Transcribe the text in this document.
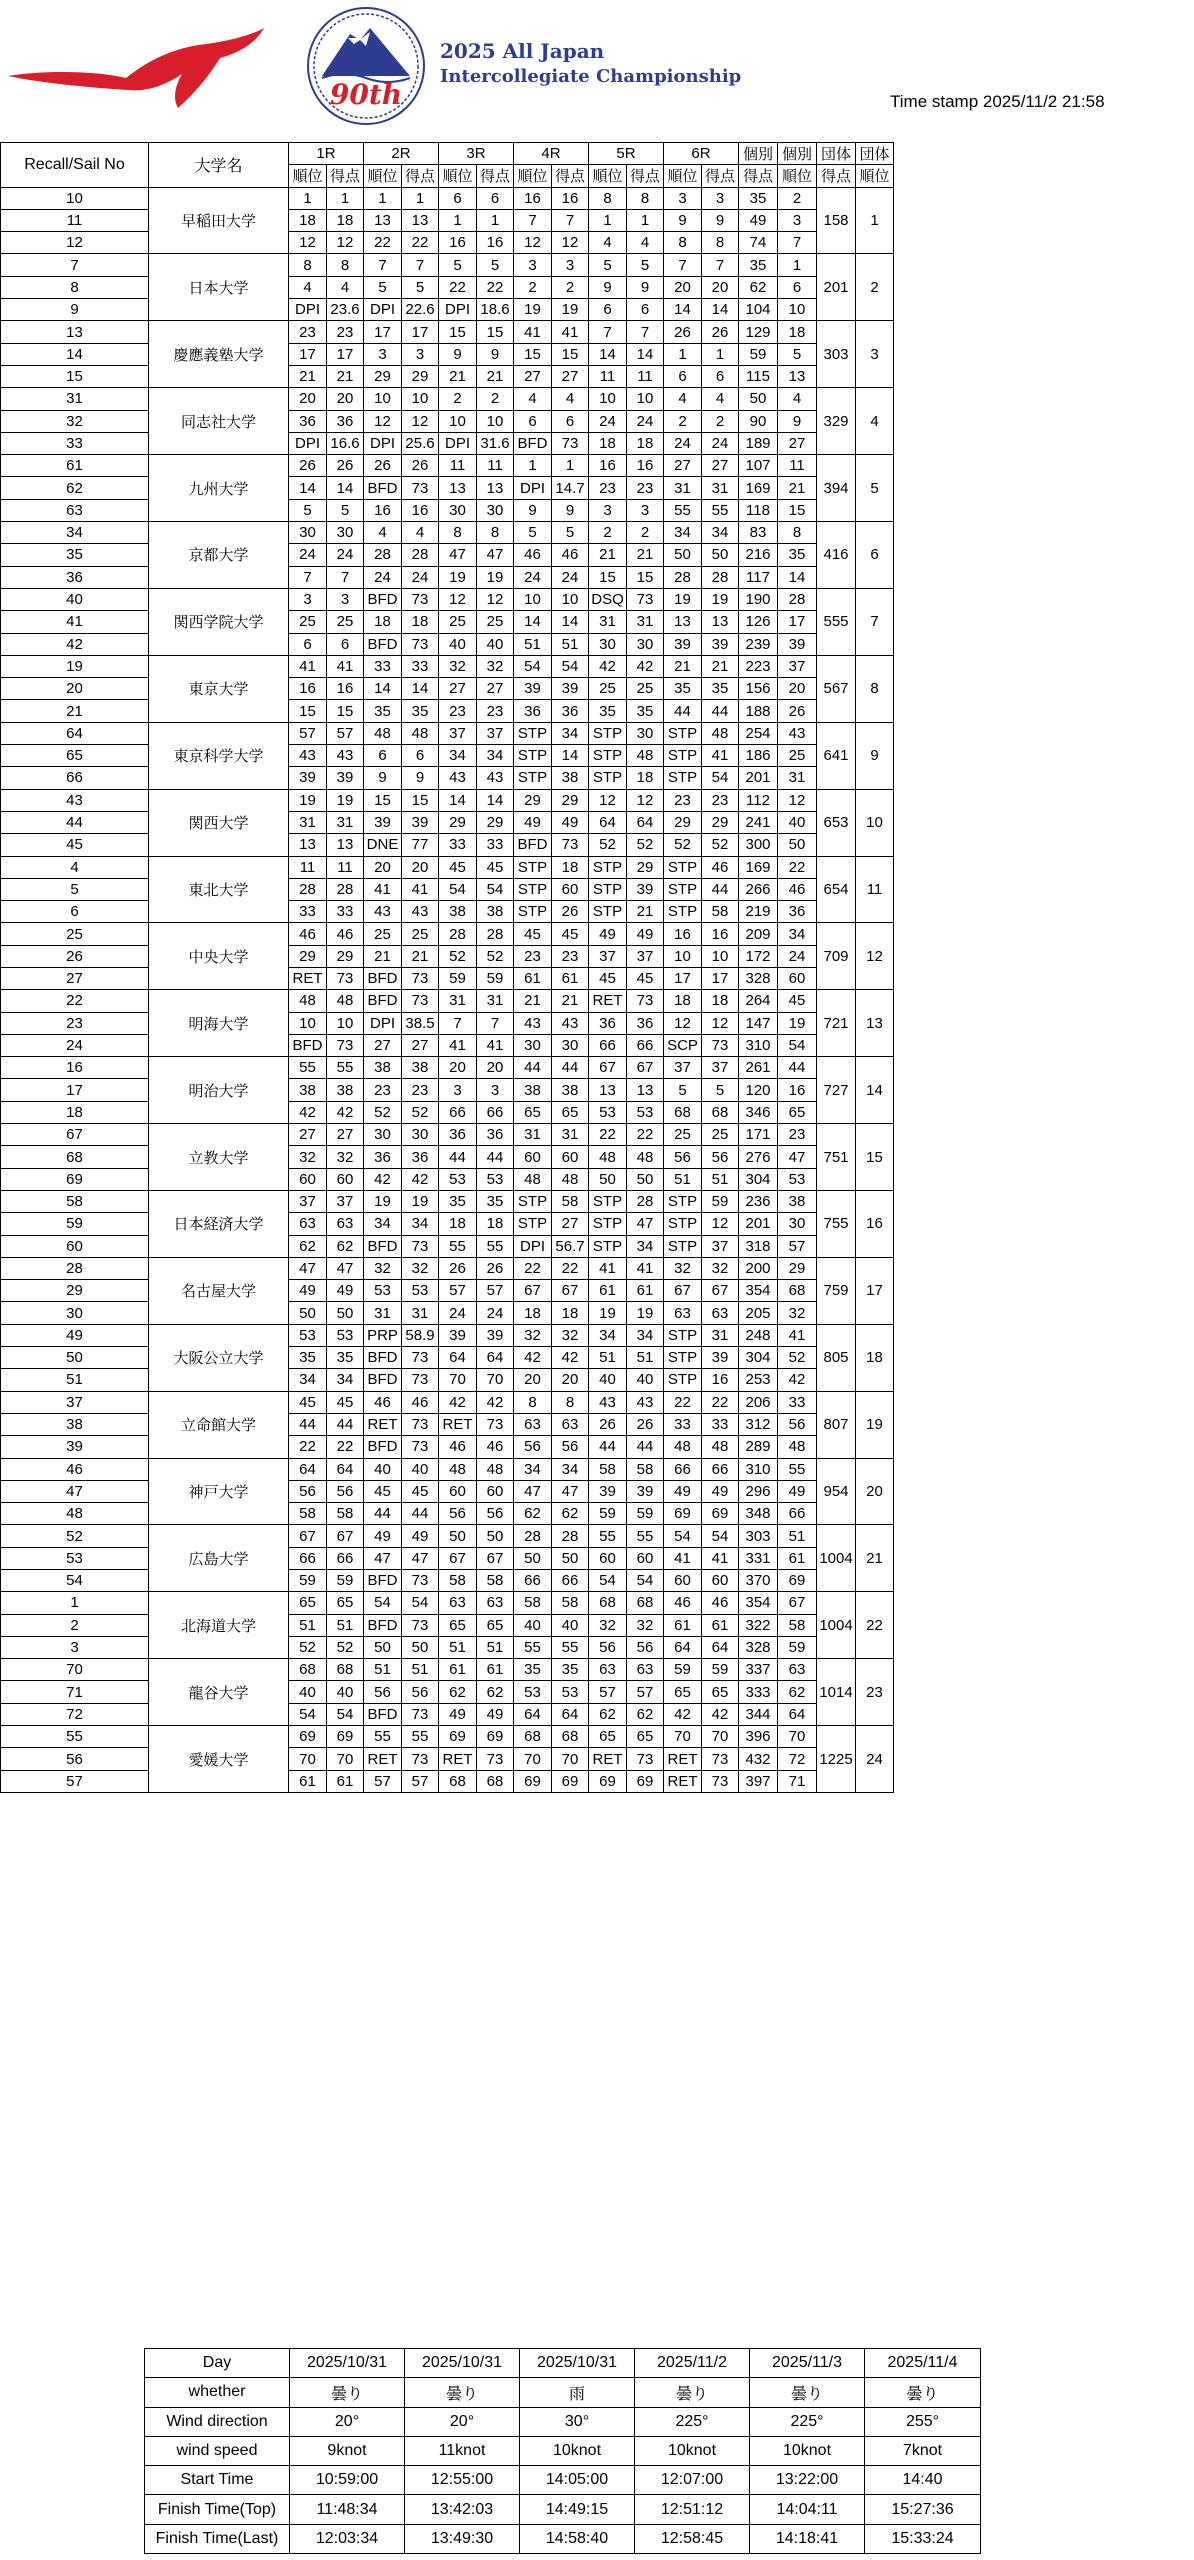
90th
2025 All Japan
Intercollegiate Championship
Time stamp 2025/11/2 21:58
Recall/Sail No	大学名	1R		2R		3R		4R		5R		6R		個別	個別	団体	団体
		順位	得点	順位	得点	順位	得点	順位	得点	順位	得点	順位	得点	得点	順位	得点	順位
10	早稲田大学	1	1	1	1	6	6	16	16	8	8	3	3	35	2	158	1
11		18	18	13	13	1	1	7	7	1	1	9	9	49	3		
12		12	12	22	22	16	16	12	12	4	4	8	8	74	7		
7	日本大学	8	8	7	7	5	5	3	3	5	5	7	7	35	1	201	2
8		4	4	5	5	22	22	2	2	9	9	20	20	62	6		
9		DPI	23.6	DPI	22.6	DPI	18.6	19	19	6	6	14	14	104	10		
13	慶應義塾大学	23	23	17	17	15	15	41	41	7	7	26	26	129	18	303	3
14		17	17	3	3	9	9	15	15	14	14	1	1	59	5		
15		21	21	29	29	21	21	27	27	11	11	6	6	115	13		
31	同志社大学	20	20	10	10	2	2	4	4	10	10	4	4	50	4	329	4
32		36	36	12	12	10	10	6	6	24	24	2	2	90	9		
33		DPI	16.6	DPI	25.6	DPI	31.6	BFD	73	18	18	24	24	189	27		
61	九州大学	26	26	26	26	11	11	1	1	16	16	27	27	107	11	394	5
62		14	14	BFD	73	13	13	DPI	14.7	23	23	31	31	169	21		
63		5	5	16	16	30	30	9	9	3	3	55	55	118	15		
34	京都大学	30	30	4	4	8	8	5	5	2	2	34	34	83	8	416	6
35		24	24	28	28	47	47	46	46	21	21	50	50	216	35		
36		7	7	24	24	19	19	24	24	15	15	28	28	117	14		
40	関西学院大学	3	3	BFD	73	12	12	10	10	DSQ	73	19	19	190	28	555	7
41		25	25	18	18	25	25	14	14	31	31	13	13	126	17		
42		6	6	BFD	73	40	40	51	51	30	30	39	39	239	39		
19	東京大学	41	41	33	33	32	32	54	54	42	42	21	21	223	37	567	8
20		16	16	14	14	27	27	39	39	25	25	35	35	156	20		
21		15	15	35	35	23	23	36	36	35	35	44	44	188	26		
64	東京科学大学	57	57	48	48	37	37	STP	34	STP	30	STP	48	254	43	641	9
65		43	43	6	6	34	34	STP	14	STP	48	STP	41	186	25		
66		39	39	9	9	43	43	STP	38	STP	18	STP	54	201	31		
43	関西大学	19	19	15	15	14	14	29	29	12	12	23	23	112	12	653	10
44		31	31	39	39	29	29	49	49	64	64	29	29	241	40		
45		13	13	DNE	77	33	33	BFD	73	52	52	52	52	300	50		
4	東北大学	11	11	20	20	45	45	STP	18	STP	29	STP	46	169	22	654	11
5		28	28	41	41	54	54	STP	60	STP	39	STP	44	266	46		
6		33	33	43	43	38	38	STP	26	STP	21	STP	58	219	36		
25	中央大学	46	46	25	25	28	28	45	45	49	49	16	16	209	34	709	12
26		29	29	21	21	52	52	23	23	37	37	10	10	172	24		
27		RET	73	BFD	73	59	59	61	61	45	45	17	17	328	60		
22	明海大学	48	48	BFD	73	31	31	21	21	RET	73	18	18	264	45	721	13
23		10	10	DPI	38.5	7	7	43	43	36	36	12	12	147	19		
24		BFD	73	27	27	41	41	30	30	66	66	SCP	73	310	54		
16	明治大学	55	55	38	38	20	20	44	44	67	67	37	37	261	44	727	14
17		38	38	23	23	3	3	38	38	13	13	5	5	120	16		
18		42	42	52	52	66	66	65	65	53	53	68	68	346	65		
67	立教大学	27	27	30	30	36	36	31	31	22	22	25	25	171	23	751	15
68		32	32	36	36	44	44	60	60	48	48	56	56	276	47		
69		60	60	42	42	53	53	48	48	50	50	51	51	304	53		
58	日本経済大学	37	37	19	19	35	35	STP	58	STP	28	STP	59	236	38	755	16
59		63	63	34	34	18	18	STP	27	STP	47	STP	12	201	30		
60		62	62	BFD	73	55	55	DPI	56.7	STP	34	STP	37	318	57		
28	名古屋大学	47	47	32	32	26	26	22	22	41	41	32	32	200	29	759	17
29		49	49	53	53	57	57	67	67	61	61	67	67	354	68		
30		50	50	31	31	24	24	18	18	19	19	63	63	205	32		
49	大阪公立大学	53	53	PRP	58.9	39	39	32	32	34	34	STP	31	248	41	805	18
50		35	35	BFD	73	64	64	42	42	51	51	STP	39	304	52		
51		34	34	BFD	73	70	70	20	20	40	40	STP	16	253	42		
37	立命館大学	45	45	46	46	42	42	8	8	43	43	22	22	206	33	807	19
38		44	44	RET	73	RET	73	63	63	26	26	33	33	312	56		
39		22	22	BFD	73	46	46	56	56	44	44	48	48	289	48		
46	神戸大学	64	64	40	40	48	48	34	34	58	58	66	66	310	55	954	20
47		56	56	45	45	60	60	47	47	39	39	49	49	296	49		
48		58	58	44	44	56	56	62	62	59	59	69	69	348	66		
52	広島大学	67	67	49	49	50	50	28	28	55	55	54	54	303	51	1004	21
53		66	66	47	47	67	67	50	50	60	60	41	41	331	61		
54		59	59	BFD	73	58	58	66	66	54	54	60	60	370	69		
1	北海道大学	65	65	54	54	63	63	58	58	68	68	46	46	354	67	1004	22
2		51	51	BFD	73	65	65	40	40	32	32	61	61	322	58		
3		52	52	50	50	51	51	55	55	56	56	64	64	328	59		
70	龍谷大学	68	68	51	51	61	61	35	35	63	63	59	59	337	63	1014	23
71		40	40	56	56	62	62	53	53	57	57	65	65	333	62		
72		54	54	BFD	73	49	49	64	64	62	62	42	42	344	64		
55	愛媛大学	69	69	55	55	69	69	68	68	65	65	70	70	396	70	1225	24
56		70	70	RET	73	RET	73	70	70	RET	73	RET	73	432	72		
57		61	61	57	57	68	68	69	69	69	69	RET	73	397	71		
Day	2025/10/31	2025/10/31	2025/10/31	2025/11/2	2025/11/3	2025/11/4
whether	曇り	曇り	雨	曇り	曇り	曇り
Wind direction	20°	20°	30°	225°	225°	255°
wind speed	9knot	11knot	10knot	10knot	10knot	7knot
Start Time	10:59:00	12:55:00	14:05:00	12:07:00	13:22:00	14:40
Finish Time(Top)	11:48:34	13:42:03	14:49:15	12:51:12	14:04:11	15:27:36
Finish Time(Last)	12:03:34	13:49:30	14:58:40	12:58:45	14:18:41	15:33:24
